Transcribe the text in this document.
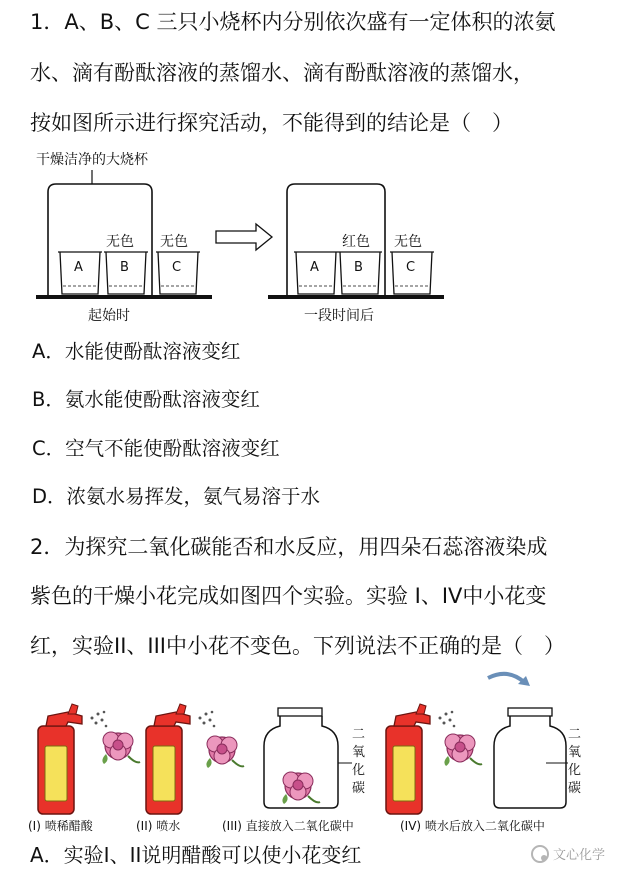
1．A、B、C 三只小烧杯内分别依次盛有一定体积的浓氨
水、滴有酚酞溶液的蒸馏水、滴有酚酞溶液的蒸馏水，
按如图所示进行探究活动，不能得到的结论是（　）
干燥洁净的大烧杯
A	B
无色
C
无色
起始时
A	B
红色
C
无色
一段时间后
A．水能使酚酞溶液变红
B．氨水能使酚酞溶液变红
C．空气不能使酚酞溶液变红
D．浓氨水易挥发，氨气易溶于水
2．为探究二氧化碳能否和水反应，用四朵石蕊溶液染成
紫色的干燥小花完成如图四个实验。实验 I、IV中小花变
红，实验II、III中小花不变色。下列说法不正确的是（　）
二
氧
化
碳
二
氧
化
碳
(I) 喷稀醋酸	(II) 喷水	(III) 直接放入二氧化碳中	(IV) 喷水后放入二氧化碳中
A．实验I、II说明醋酸可以使小花变红	文心化学
